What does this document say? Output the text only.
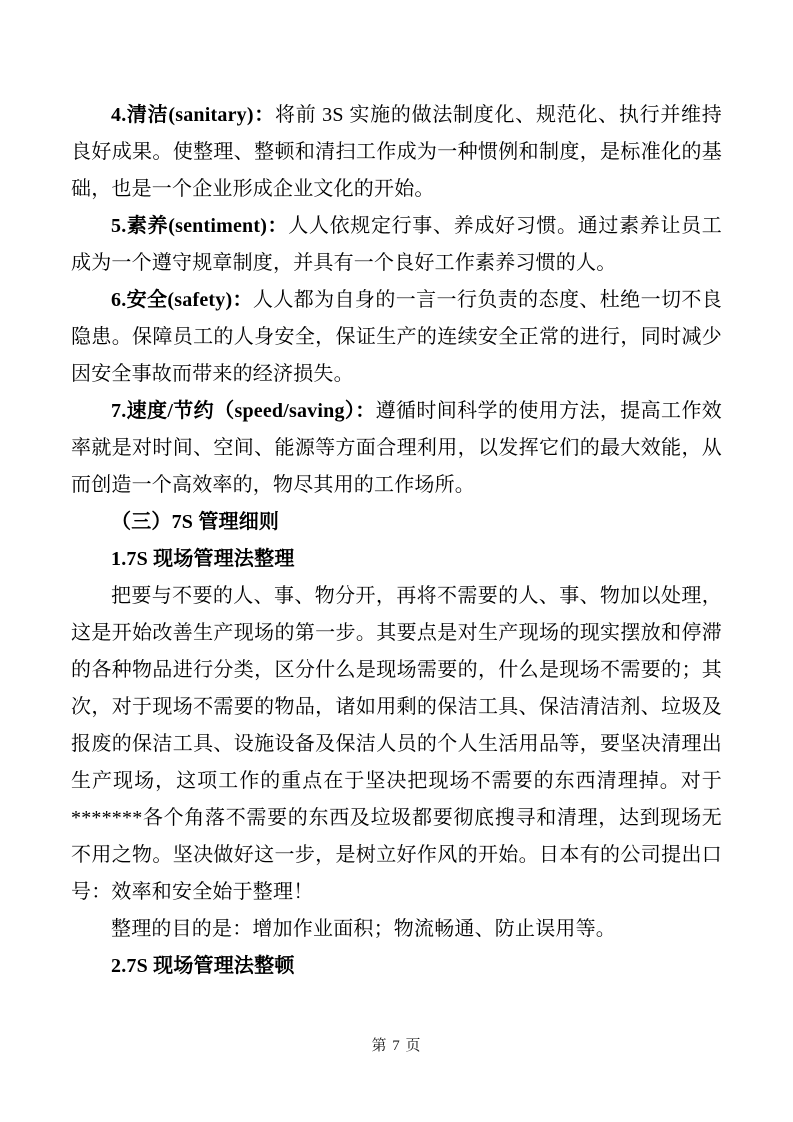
4.清洁(sanitary)：将前 3S 实施的做法制度化、规范化、执行并维持良好成果。使整理、整顿和清扫工作成为一种惯例和制度，是标准化的基础，也是一个企业形成企业文化的开始。

5.素养(sentiment)：人人依规定行事、养成好习惯。通过素养让员工成为一个遵守规章制度，并具有一个良好工作素养习惯的人。

6.安全(safety)：人人都为自身的一言一行负责的态度、杜绝一切不良隐患。保障员工的人身安全，保证生产的连续安全正常的进行，同时减少因安全事故而带来的经济损失。

7.速度/节约（speed/saving）：遵循时间科学的使用方法，提高工作效率就是对时间、空间、能源等方面合理利用，以发挥它们的最大效能，从而创造一个高效率的，物尽其用的工作场所。

（三）7S 管理细则

1.7S 现场管理法整理

把要与不要的人、事、物分开，再将不需要的人、事、物加以处理，这是开始改善生产现场的第一步。其要点是对生产现场的现实摆放和停滞的各种物品进行分类，区分什么是现场需要的，什么是现场不需要的；其次，对于现场不需要的物品，诸如用剩的保洁工具、保洁清洁剂、垃圾及报废的保洁工具、设施设备及保洁人员的个人生活用品等，要坚决清理出生产现场，这项工作的重点在于坚决把现场不需要的东西清理掉。对于*******各个角落不需要的东西及垃圾都要彻底搜寻和清理，达到现场无不用之物。坚决做好这一步，是树立好作风的开始。日本有的公司提出口号：效率和安全始于整理！

整理的目的是：增加作业面积；物流畅通、防止误用等。

2.7S 现场管理法整顿

第 7 页
